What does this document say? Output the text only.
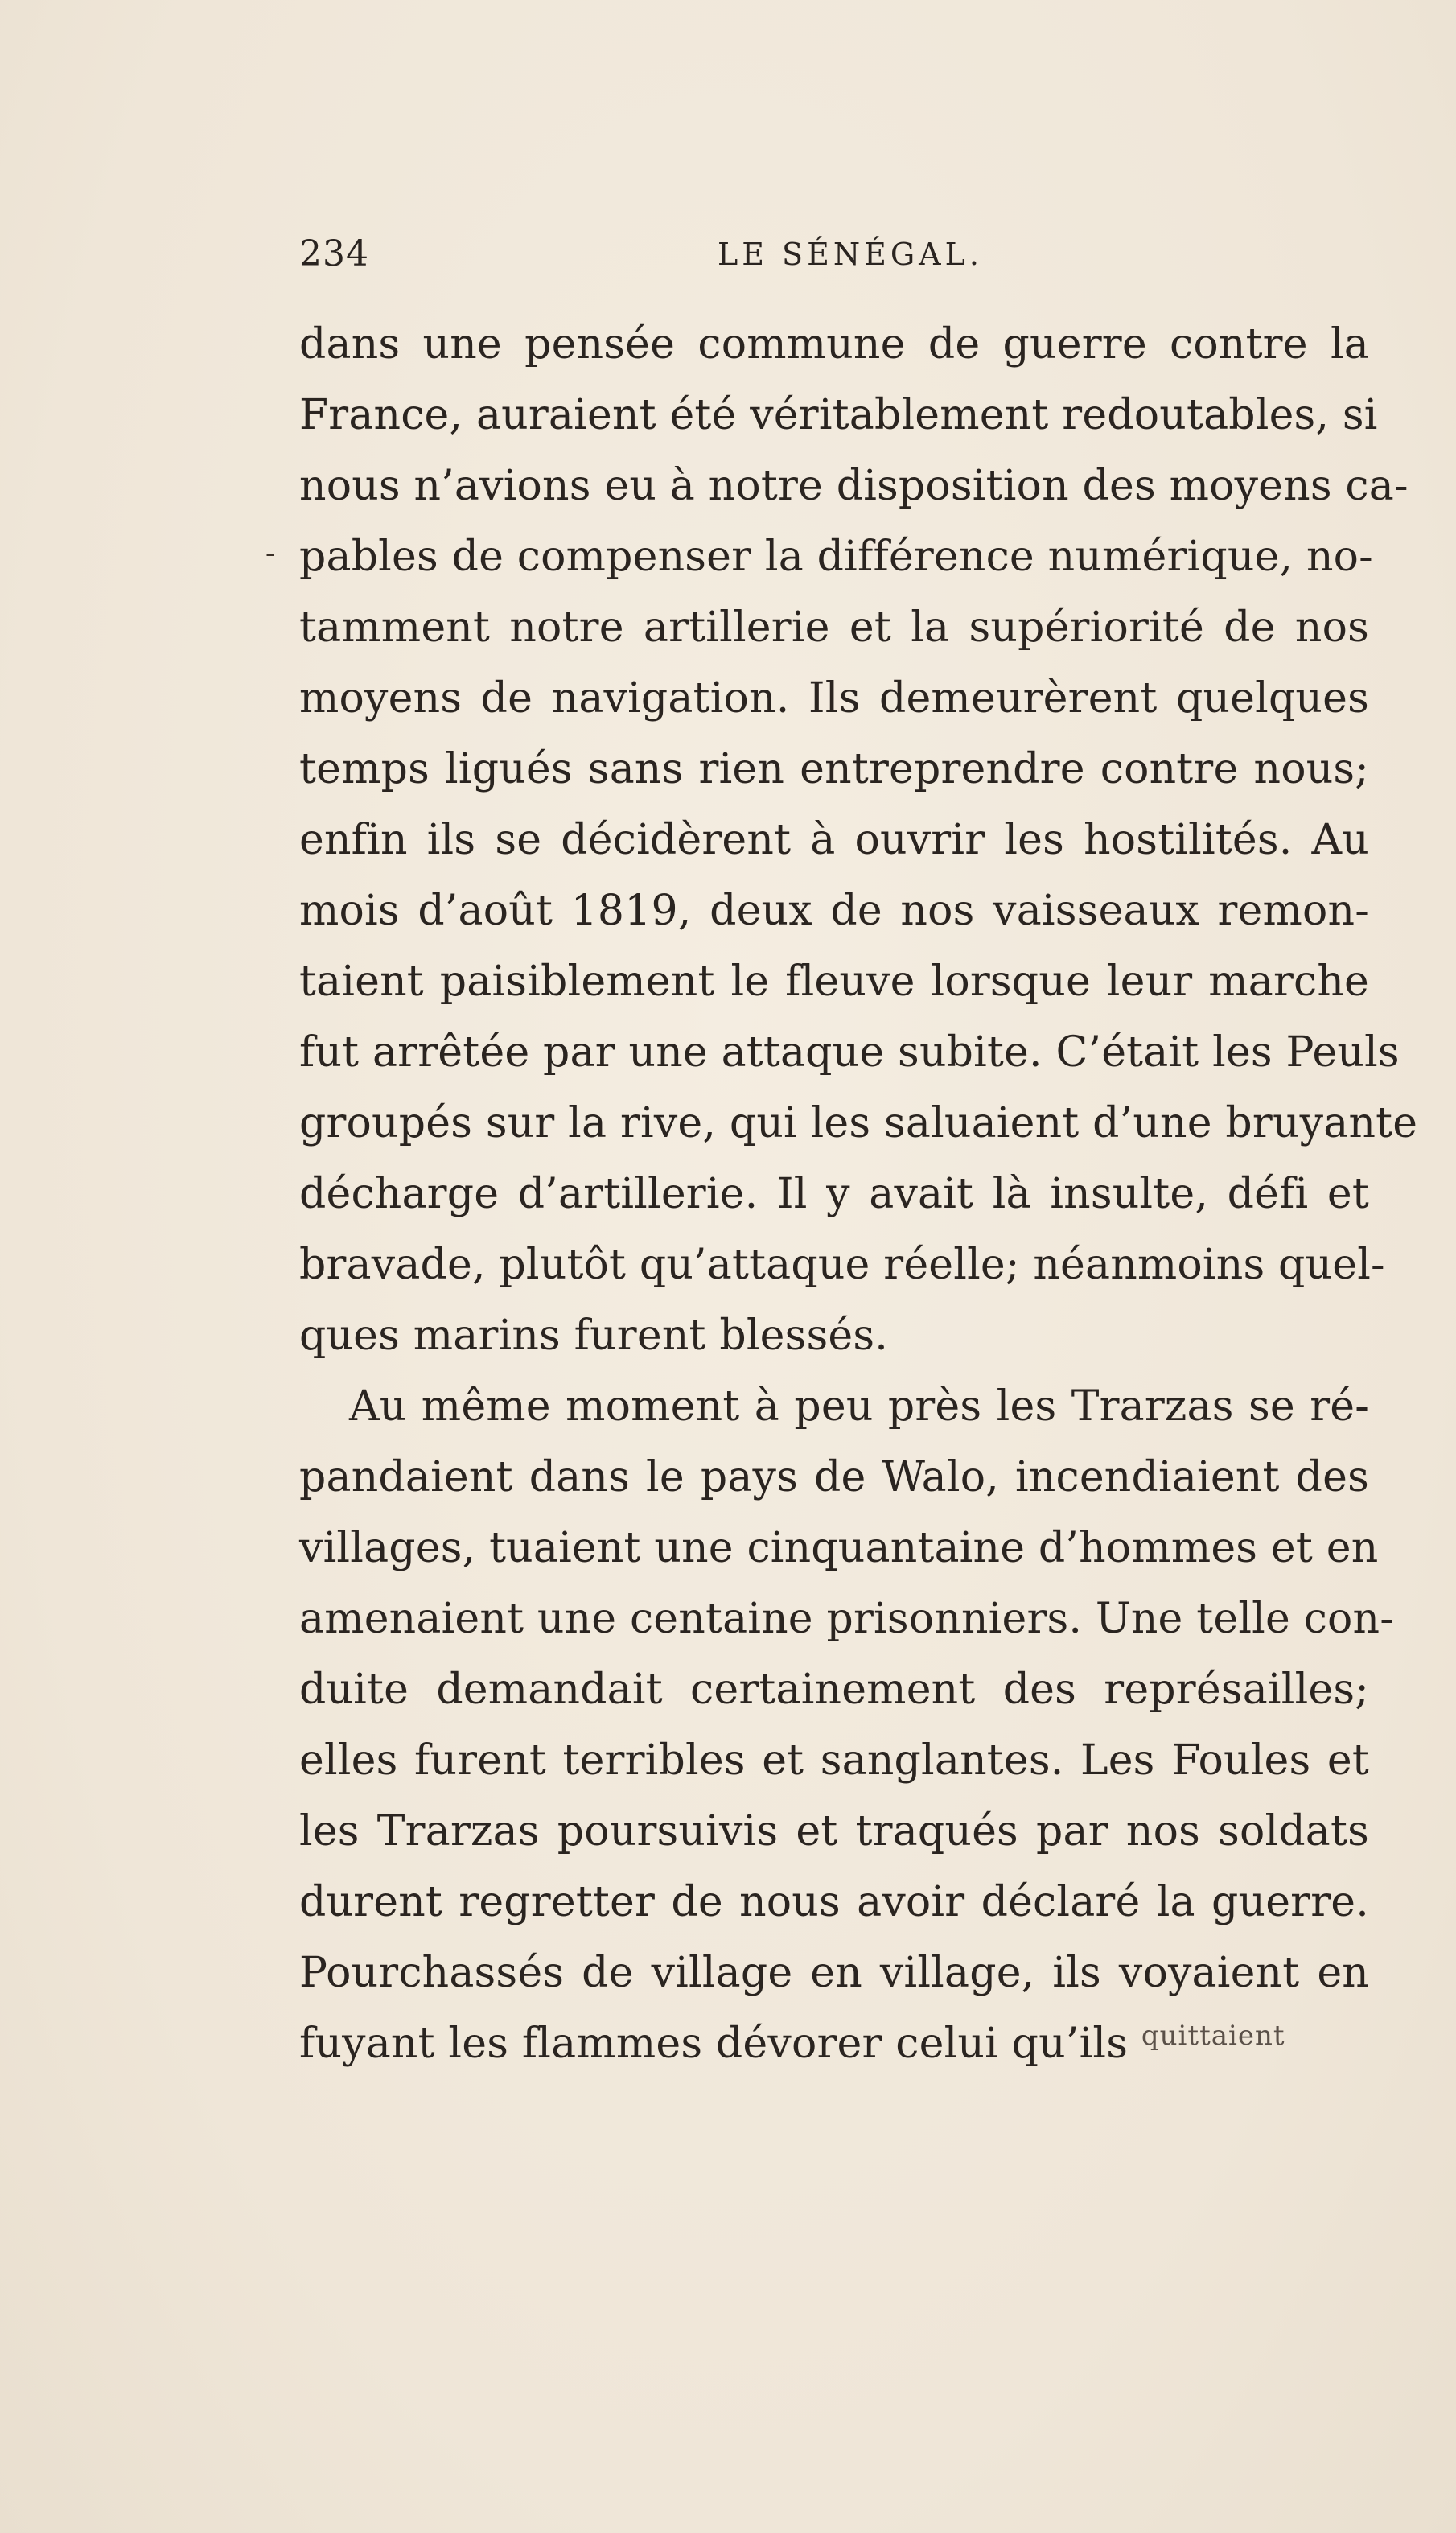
234	LE SÉNÉGAL.
-
dans une pensée commune de guerre contre la
France, auraient été véritablement redoutables, si
nous n’avions eu à notre disposition des moyens ca-
pables de compenser la différence numérique, no-
tamment notre artillerie et la supériorité de nos
moyens de navigation. Ils demeurèrent quelques
temps ligués sans rien entreprendre contre nous;
enfin ils se décidèrent à ouvrir les hostilités. Au
mois d’août 1819, deux de nos vaisseaux remon-
taient paisiblement le fleuve lorsque leur marche
fut arrêtée par une attaque subite. C’était les Peuls
groupés sur la rive, qui les saluaient d’une bruyante
décharge d’artillerie. Il y avait là insulte, défi et
bravade, plutôt qu’attaque réelle; néanmoins quel-
ques marins furent blessés.
Au même moment à peu près les Trarzas se ré-
pandaient dans le pays de Walo, incendiaient des
villages, tuaient une cinquantaine d’hommes et en
amenaient une centaine prisonniers. Une telle con-
duite demandait certainement des représailles;
elles furent terribles et sanglantes. Les Foules et
les Trarzas poursuivis et traqués par nos soldats
durent regretter de nous avoir déclaré la guerre.
Pourchassés de village en village, ils voyaient en
fuyant les flammes dévorer celui qu’ils quittaient
